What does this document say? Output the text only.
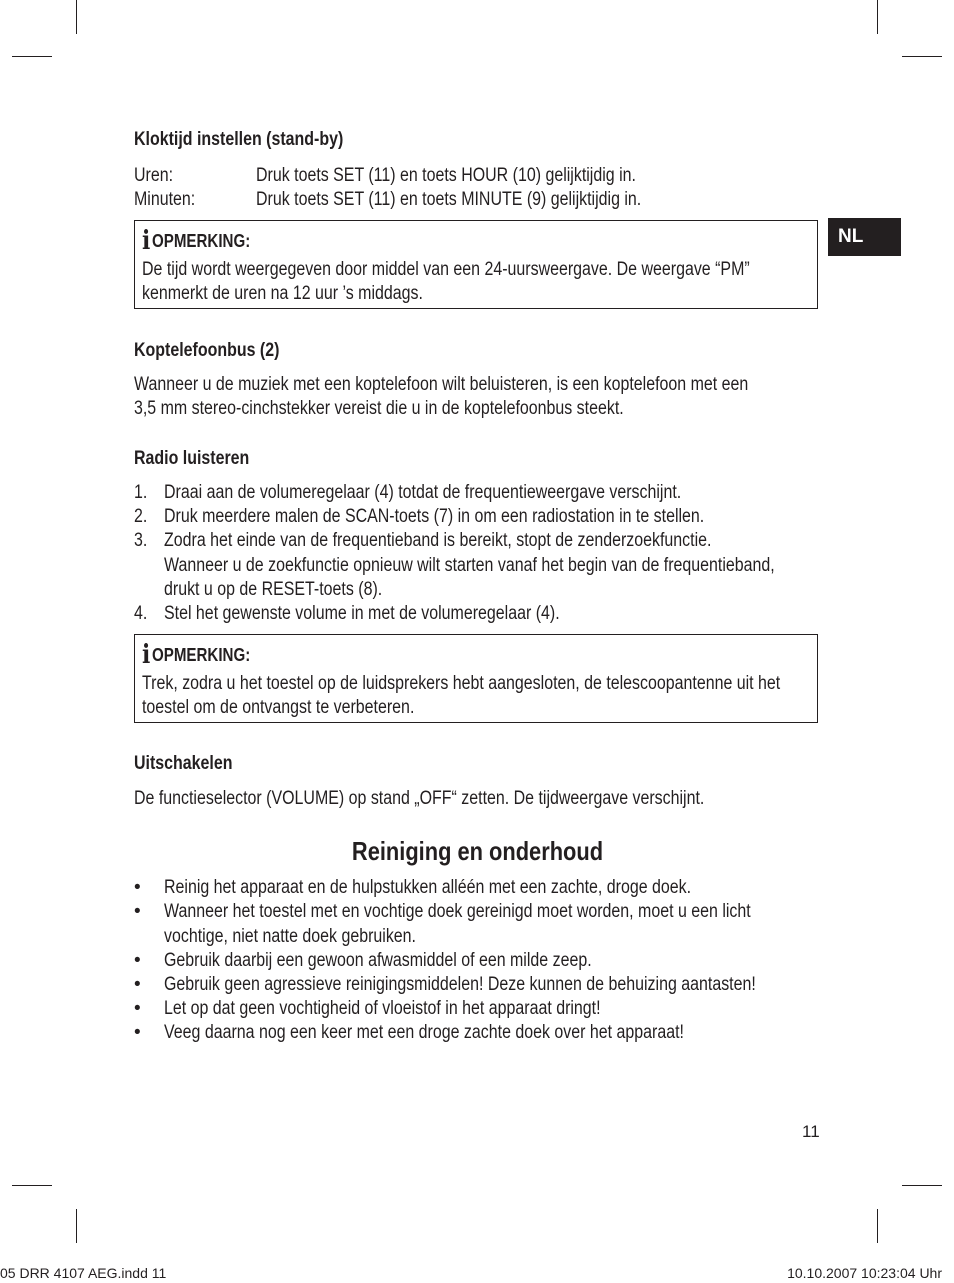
Kloktijd instellen (stand-by)
Uren:	Druk toets SET (11) en toets HOUR (10) gelijktijdig in.
Minuten:	Druk toets SET (11) en toets MINUTE (9) gelijktijdig in.
iOPMERKING:
De tijd wordt weergegeven door middel van een 24-uursweergave. De weergave “PM”
kenmerkt de uren na 12 uur ’s middags.
NL
Koptelefoonbus (2)
Wanneer u de muziek met een koptelefoon wilt beluisteren, is een koptelefoon met een
3,5 mm stereo-cinchstekker vereist die u in de koptelefoonbus steekt.
Radio luisteren
1. Draai aan de volumeregelaar (4) totdat de frequentieweergave verschijnt.
2. Druk meerdere malen de SCAN-toets (7) in om een radiostation in te stellen.
3. Zodra het einde van de frequentieband is bereikt, stopt de zenderzoekfunctie.
Wanneer u de zoekfunctie opnieuw wilt starten vanaf het begin van de frequentieband,
drukt u op de RESET-toets (8).
4. Stel het gewenste volume in met de volumeregelaar (4).
iOPMERKING:
Trek, zodra u het toestel op de luidsprekers hebt aangesloten, de telescoopantenne uit het
toestel om de ontvangst te verbeteren.
Uitschakelen
De functieselector (VOLUME) op stand „OFF“ zetten. De tijdweergave verschijnt.
Reiniging en onderhoud
• Reinig het apparaat en de hulpstukken alléén met een zachte, droge doek.
• Wanneer het toestel met en vochtige doek gereinigd moet worden, moet u een licht
vochtige, niet natte doek gebruiken.
• Gebruik daarbij een gewoon afwasmiddel of een milde zeep.
• Gebruik geen agressieve reinigingsmiddelen! Deze kunnen de behuizing aantasten!
• Let op dat geen vochtigheid of vloeistof in het apparaat dringt!
• Veeg daarna nog een keer met een droge zachte doek over het apparaat!
11
05 DRR 4107 AEG.indd 11	10.10.2007 10:23:04 Uhr
